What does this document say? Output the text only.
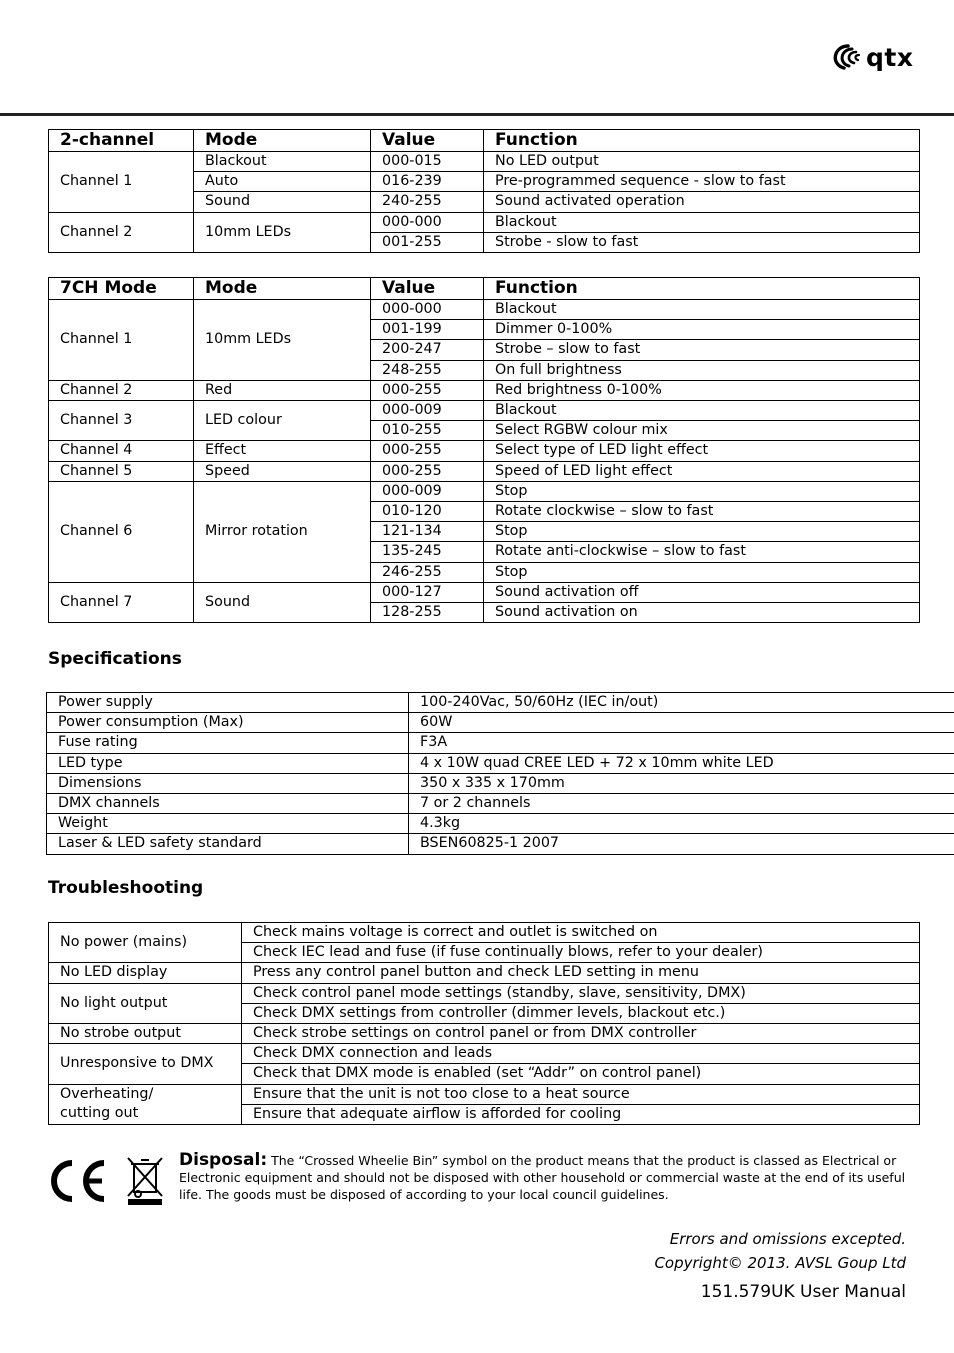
qtx
2-channel	Mode	Value	Function
Channel 1	Blackout	000-015	No LED output
	Auto	016-239	Pre-programmed sequence - slow to fast
	Sound	240-255	Sound activated operation
Channel 2	10mm LEDs	000-000	Blackout
		001-255	Strobe - slow to fast
7CH Mode	Mode	Value	Function
Channel 1	10mm LEDs	000-000	Blackout
		001-199	Dimmer 0-100%
		200-247	Strobe – slow to fast
		248-255	On full brightness
Channel 2	Red	000-255	Red brightness 0-100%
Channel 3	LED colour	000-009	Blackout
		010-255	Select RGBW colour mix
Channel 4	Effect	000-255	Select type of LED light effect
Channel 5	Speed	000-255	Speed of LED light effect
Channel 6	Mirror rotation	000-009	Stop
		010-120	Rotate clockwise – slow to fast
		121-134	Stop
		135-245	Rotate anti-clockwise – slow to fast
		246-255	Stop
Channel 7	Sound	000-127	Sound activation off
		128-255	Sound activation on
Specifications
Power supply	100-240Vac, 50/60Hz (IEC in/out)
Power consumption (Max)	60W
Fuse rating	F3A
LED type	4 x 10W quad CREE LED + 72 x 10mm white LED
Dimensions	350 x 335 x 170mm
DMX channels	7 or 2 channels
Weight	4.3kg
Laser & LED safety standard	BSEN60825-1 2007
Troubleshooting
No power (mains)	Check mains voltage is correct and outlet is switched on
	Check IEC lead and fuse (if fuse continually blows, refer to your dealer)
No LED display	Press any control panel button and check LED setting in menu
No light output	Check control panel mode settings (standby, slave, sensitivity, DMX)
	Check DMX settings from controller (dimmer levels, blackout etc.)
No strobe output	Check strobe settings on control panel or from DMX controller
Unresponsive to DMX	Check DMX connection and leads
	Check that DMX mode is enabled (set “Addr” on control panel)

Overheating/
cutting out	Ensure that the unit is not too close to a heat source
	Ensure that adequate airflow is afforded for cooling
Disposal: The “Crossed Wheelie Bin” symbol on the product means that the product is classed as Electrical or Electronic equipment and should not be disposed with other household or commercial waste at the end of its useful life. The goods must be disposed of according to your local council guidelines.
Errors and omissions excepted.
Copyright© 2013. AVSL Goup Ltd
151.579UK User Manual
